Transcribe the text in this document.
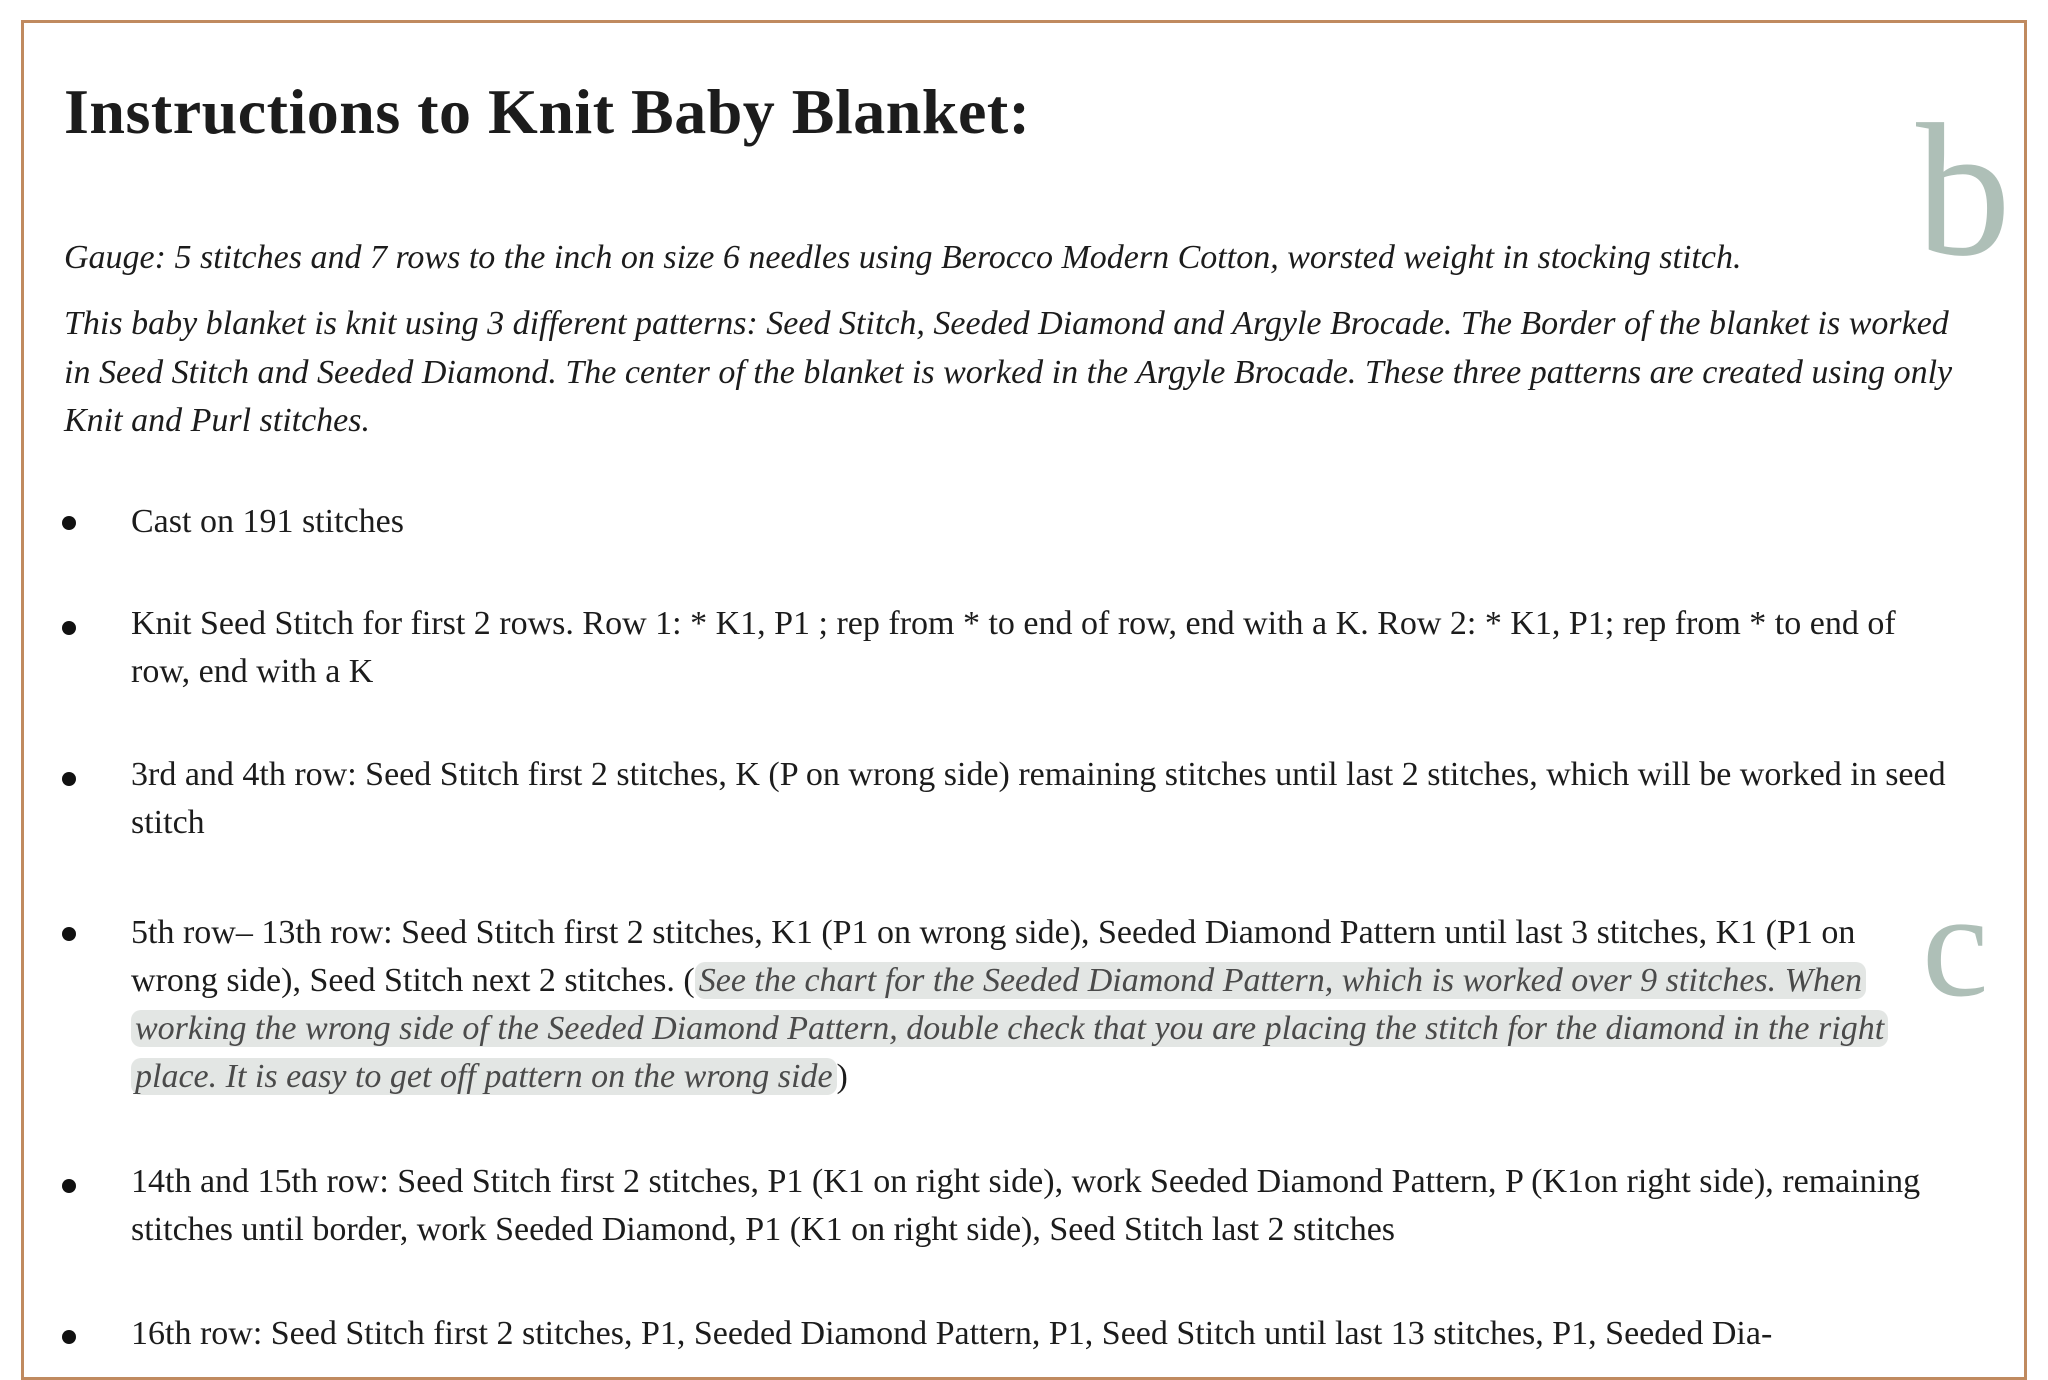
Instructions to Knit Baby Blanket:	b
c

Gauge: 5 stitches and 7 rows to the inch on size 6 needles using Berocco Modern Cotton, worsted weight in stocking stitch.

This baby blanket is knit using 3 different patterns: Seed Stitch, Seeded Diamond and Argyle Brocade. The Border of the blanket is worked in Seed Stitch and Seeded Diamond. The center of the blanket is worked in the Argyle Brocade. These three patterns are created using only Knit and Purl stitches.

Cast on 191 stitches

Knit Seed Stitch for first 2 rows. Row 1: * K1, P1 ; rep from * to end of row, end with a K. Row 2: * K1, P1; rep from * to end of row, end with a K

3rd and 4th row: Seed Stitch first 2 stitches, K (P on wrong side) remaining stitches until last 2 stitches, which will be worked in seed stitch

5th row– 13th row: Seed Stitch first 2 stitches, K1 (P1 on wrong side), Seeded Diamond Pattern until last 3 stitches, K1 (P1 on wrong side), Seed Stitch next 2 stitches. ( See the chart for the Seeded Diamond Pattern, which is worked over 9 stitches. When working the wrong side of the Seeded Diamond Pattern, double check that you are placing the stitch for the diamond in the right place. It is easy to get off pattern on the wrong side )

14th and 15th row: Seed Stitch first 2 stitches, P1 (K1 on right side), work Seeded Diamond Pattern, P (K1on right side), remaining stitches until border, work Seeded Diamond, P1 (K1 on right side), Seed Stitch last 2 stitches

16th row: Seed Stitch first 2 stitches, P1, Seeded Diamond Pattern, P1, Seed Stitch until last 13 stitches, P1, Seeded Dia-
